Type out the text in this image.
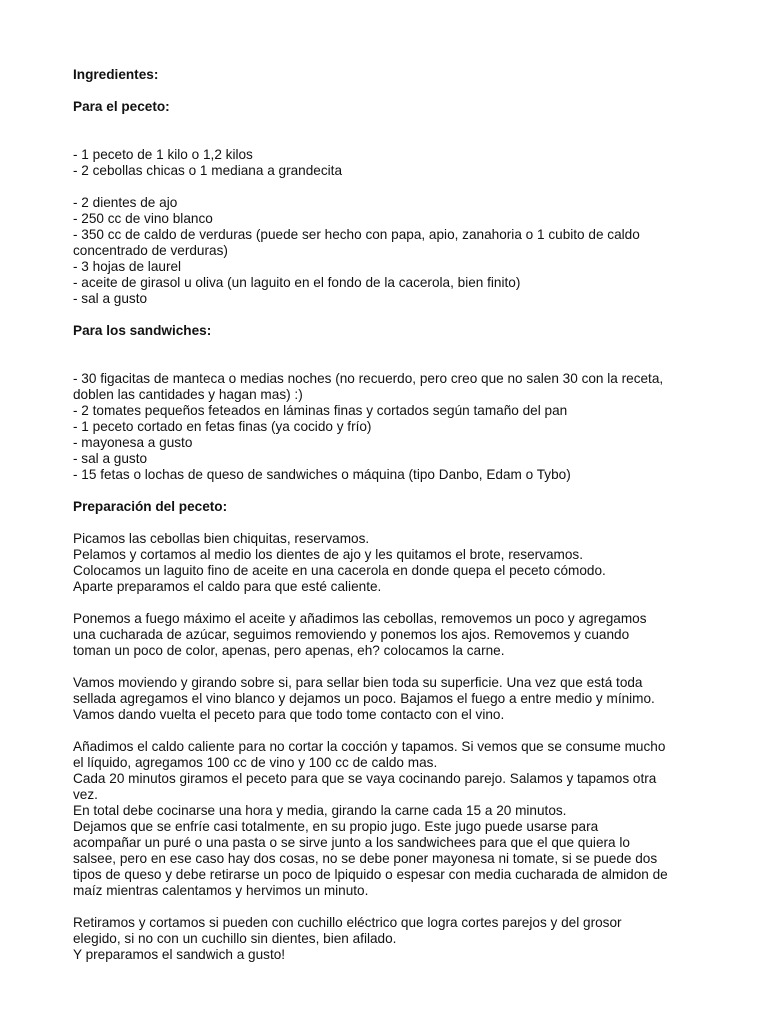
Ingredientes:

Para el peceto:

- 1 peceto de 1 kilo o 1,2 kilos

- 2 cebollas chicas o 1 mediana a grandecita

- 2 dientes de ajo

- 250 cc de vino blanco

- 350 cc de caldo de verduras (puede ser hecho con papa, apio, zanahoria o 1 cubito de caldo

concentrado de verduras)

- 3 hojas de laurel

- aceite de girasol u oliva (un laguito en el fondo de la cacerola, bien finito)

- sal a gusto

Para los sandwiches:

- 30 figacitas de manteca o medias noches (no recuerdo, pero creo que no salen 30 con la receta,

doblen las cantidades y hagan mas) :)

- 2 tomates pequeños feteados en láminas finas y cortados según tamaño del pan

- 1 peceto cortado en fetas finas (ya cocido y frío)

- mayonesa a gusto

- sal a gusto

- 15 fetas o lochas de queso de sandwiches o máquina (tipo Danbo, Edam o Tybo)

Preparación del peceto:

Picamos las cebollas bien chiquitas, reservamos.

Pelamos y cortamos al medio los dientes de ajo y les quitamos el brote, reservamos.

Colocamos un laguito fino de aceite en una cacerola en donde quepa el peceto cómodo.

Aparte preparamos el caldo para que esté caliente.

Ponemos a fuego máximo el aceite y añadimos las cebollas, removemos un poco y agregamos

una cucharada de azúcar, seguimos removiendo y ponemos los ajos. Removemos y cuando

toman un poco de color, apenas, pero apenas, eh? colocamos la carne.

Vamos moviendo y girando sobre si, para sellar bien toda su superficie. Una vez que está toda

sellada agregamos el vino blanco y dejamos un poco. Bajamos el fuego a entre medio y mínimo.

Vamos dando vuelta el peceto para que todo tome contacto con el vino.

Añadimos el caldo caliente para no cortar la cocción y tapamos. Si vemos que se consume mucho

el líquido, agregamos 100 cc de vino y 100 cc de caldo mas.

Cada 20 minutos giramos el peceto para que se vaya cocinando parejo. Salamos y tapamos otra

vez.

En total debe cocinarse una hora y media, girando la carne cada 15 a 20 minutos.

Dejamos que se enfríe casi totalmente, en su propio jugo. Este jugo puede usarse para

acompañar un puré o una pasta o se sirve junto a los sandwichees para que el que quiera lo

salsee, pero en ese caso hay dos cosas, no se debe poner mayonesa ni tomate, si se puede dos

tipos de queso y debe retirarse un poco de lpiquido o espesar con media cucharada de almidon de

maíz mientras calentamos y hervimos un minuto.

Retiramos y cortamos si pueden con cuchillo eléctrico que logra cortes parejos y del grosor

elegido, si no con un cuchillo sin dientes, bien afilado.

Y preparamos el sandwich a gusto!
